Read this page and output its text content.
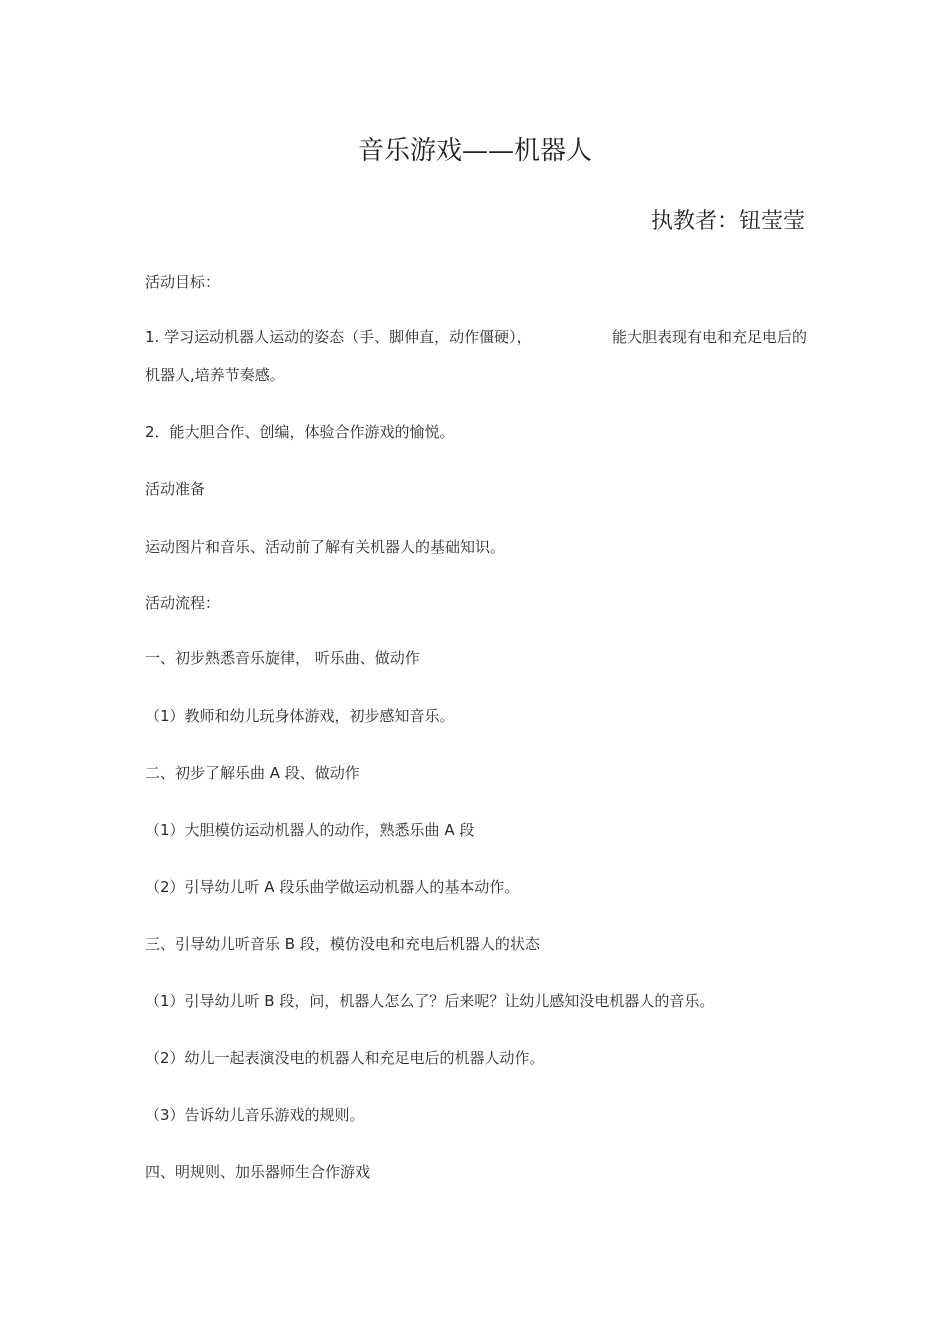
音乐游戏——机器人
执教者：钮莹莹
活动目标：
1. 学习运动机器人运动的姿态（手、脚伸直，动作僵硬），	能大胆表现有电和充足电后的
机器人,培养节奏感。
2．能大胆合作、创编，体验合作游戏的愉悦。
活动准备
运动图片和音乐、活动前了解有关机器人的基础知识。
活动流程：
一、初步熟悉音乐旋律， 听乐曲、做动作
（1）教师和幼儿玩身体游戏，初步感知音乐。
二、初步了解乐曲 A 段、做动作
（1）大胆模仿运动机器人的动作，熟悉乐曲 A 段
（2）引导幼儿听 A 段乐曲学做运动机器人的基本动作。
三、引导幼儿听音乐 B 段，模仿没电和充电后机器人的状态
（1）引导幼儿听 B 段，问，机器人怎么了？后来呢？让幼儿感知没电机器人的音乐。
（2）幼儿一起表演没电的机器人和充足电后的机器人动作。
（3）告诉幼儿音乐游戏的规则。
四、明规则、加乐器师生合作游戏
